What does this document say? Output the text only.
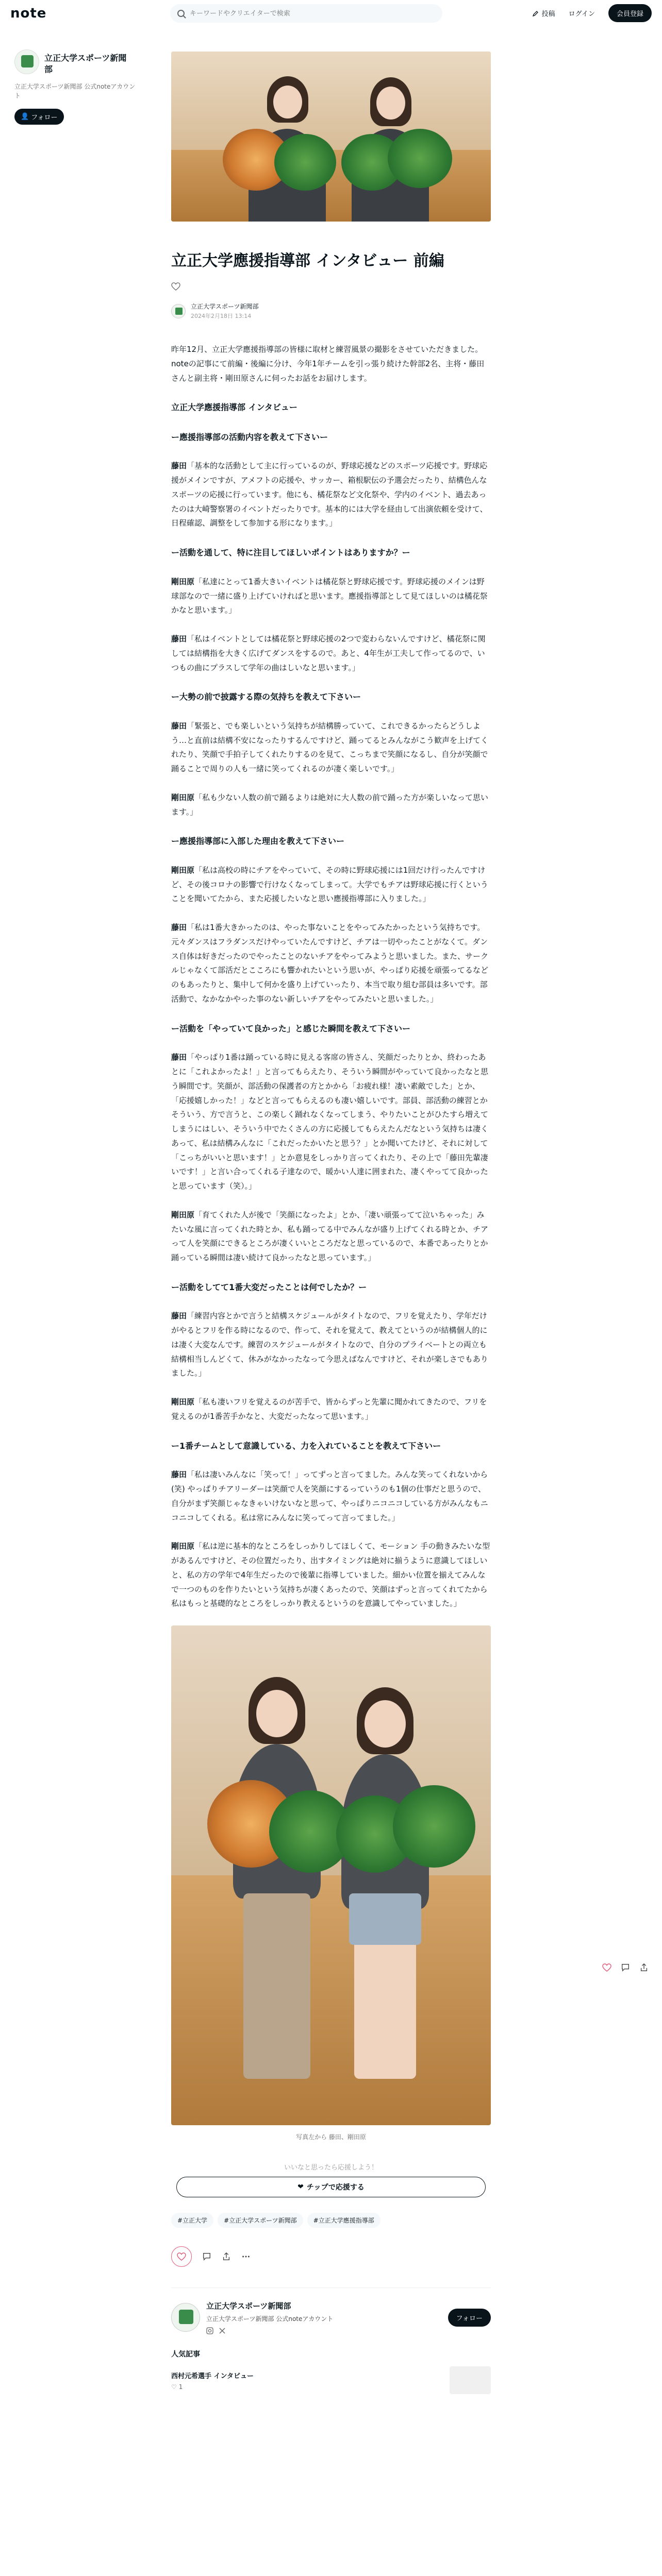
note
キーワードやクリエイターで検索	投稿 ログイン	会員登録
立正大学スポーツ新聞部
立正大学スポーツ新聞部 公式noteアカウント
👤 フォロー
立正大学應援指導部 インタビュー 前編
立正大学スポーツ新聞部
2024年2月18日 13:14

昨年12月、立正大学應援指導部の皆様に取材と練習風景の撮影をさせていただきました。

noteの記事にて前編・後編に分け、今年1年チームを引っ張り続けた幹部2名、主将・藤田さんと副主将・剛田原さんに伺ったお話をお届けします。

立正大学應援指導部 インタビュー
ー應援指導部の活動内容を教えて下さいー

藤田「基本的な活動として主に行っているのが、野球応援などのスポーツ応援です。野球応援がメインですが、アメフトの応援や、サッカー、箱根駅伝の予選会だったり、結構色んなスポーツの応援に行っています。他にも、橘花祭など文化祭や、学内のイベント、過去あったのは大崎警察署のイベントだったりです。基本的には大学を経由して出演依頼を受けて、日程確認、調整をして参加する形になります。」

ー活動を通して、特に注目してほしいポイントはありますか？ー

剛田原「私達にとって1番大きいイベントは橘花祭と野球応援です。野球応援のメインは野球部なので一緒に盛り上げていければと思います。應援指導部として見てほしいのは橘花祭かなと思います。」

藤田「私はイベントとしては橘花祭と野球応援の2つで変わらないんですけど、橘花祭に関しては結構指を大きく広げてダンスをするので。あと、4年生が工夫して作ってるので、いつもの曲にプラスして学年の曲はしいなと思います。」

ー大勢の前で披露する際の気持ちを教えて下さいー

藤田「緊張と、でも楽しいという気持ちが結構勝っていて、これできるかったらどうしよう…と直前は結構不安になったりするんですけど、踊ってるとみんながこう歓声を上げてくれたり、笑顔で手拍子してくれたりするのを見て、こっちまで笑顔になるし、自分が笑顔で踊ることで周りの人も一緒に笑ってくれるのが凄く楽しいです。」

剛田原「私も少ない人数の前で踊るよりは絶対に大人数の前で踊った方が楽しいなって思います。」

ー應援指導部に入部した理由を教えて下さいー

剛田原「私は高校の時にチアをやっていて、その時に野球応援には1回だけ行ったんですけど、その後コロナの影響で行けなくなってしまって。大学でもチアは野球応援に行くということを聞いてたから、また応援したいなと思い應援指導部に入りました。」

藤田「私は1番大きかったのは、やった事ないことをやってみたかったという気持ちです。元々ダンスはフラダンスだけやっていたんですけど、チアは一切やったことがなくて。ダンス自体は好きだったのでやったことのないチアをやってみようと思いました。また、サークルじゃなくて部活だとこころにも響かれたいという思いが、やっぱり応援を頑張ってるなどのもあったりと、集中して何かを盛り上げていったり、本当で取り組む部員は多いです。部活動で、なかなかやった事のない新しいチアをやってみたいと思いました。」

ー活動を「やっていて良かった」と感じた瞬間を教えて下さいー

藤田「やっぱり1番は踊っている時に見える客席の皆さん、笑顔だったりとか、終わったあとに「これよかったよ！」と言ってもらえたり、そういう瞬間がやっていて良かったなと思う瞬間です。笑顔が、部活動の保護者の方とかから「お疲れ様！凄い素敵でした」とか、「応援嬉しかった！」などと言ってもらえるのも凄い嬉しいです。部員、部活動の練習とかそういう、方で言うと、この楽しく踊れなくなってしまう、やりたいことがひたすら増えてしまうにはしい、そういう中でたくさんの方に応援してもらえたんだなという気持ちは凄くあって、私は結構みんなに「これだったかいたと思う？」とか聞いてたけど、それに対して「こっちがいいと思います！」とか意見をしっかり言ってくれたり、その上で「藤田先輩凄いです！」と言い合ってくれる子達なので、暖かい人達に囲まれた、凄くやってて良かったと思っています（笑）。」

剛田原「育てくれた人が後で「笑顔になったよ」とか、「凄い頑張ってて泣いちゃった」みたいな風に言ってくれた時とか、私も踊ってる中でみんなが盛り上げてくれる時とか、チアって人を笑顔にできるところが凄くいいところだなと思っているので、本番であったりとか踊っている瞬間は凄い続けて良かったなと思っています。」

ー活動をしてて1番大変だったことは何でしたか？ー

藤田「練習内容とかで言うと結構スケジュールがタイトなので、フリを覚えたり、学年だけがやるとフリを作る時になるので、作って、それを覚えて、教えてというのが結構個人的には凄く大変なんです。練習のスケジュールがタイトなので、自分のプライベートとの両立も結構相当しんどくて、休みがなかったなって今思えばなんですけど、それが楽しさでもありました。」

剛田原「私も凄いフリを覚えるのが苦手で、皆からずっと先輩に聞かれてきたので、フリを覚えるのが1番苦手かなと、大変だったなって思います。」

ー1番チームとして意識している、力を入れていることを教えて下さいー

藤田「私は凄いみんなに「笑って！」ってずっと言ってました。みんな笑ってくれないから(笑) やっぱりチアリーダーは笑顔で人を笑顔にするっていうのも1個の仕事だと思うので、自分がまず笑顔じゃなきゃいけないなと思って、やっぱりニコニコしている方がみんなもニコニコしてくれる。私は常にみんなに笑ってって言ってました。」

剛田原「私は逆に基本的なところをしっかりしてほしくて、モーション 手の動きみたいな型があるんですけど、その位置だったり、出すタイミングは絶対に揃うように意識してほしいと、私の方の学年で4年生だったので後輩に指導していました。細かい位置を揃えてみんなで一つのものを作りたいという気持ちが凄くあったので、笑顔はずっと言ってくれてたから私はもっと基礎的なところをしっかり教えるというのを意識してやっていました。」

写真左から 藤田、剛田原
いいなと思ったら応援しよう！
❤ チップで応援する
#立正大学	#立正大学スポーツ新聞部	#立正大学應援指導部
立正大学スポーツ新聞部
立正大学スポーツ新聞部 公式noteアカウント	フォロー
人気記事
西村元希選手 インタビュー
♡ 1
